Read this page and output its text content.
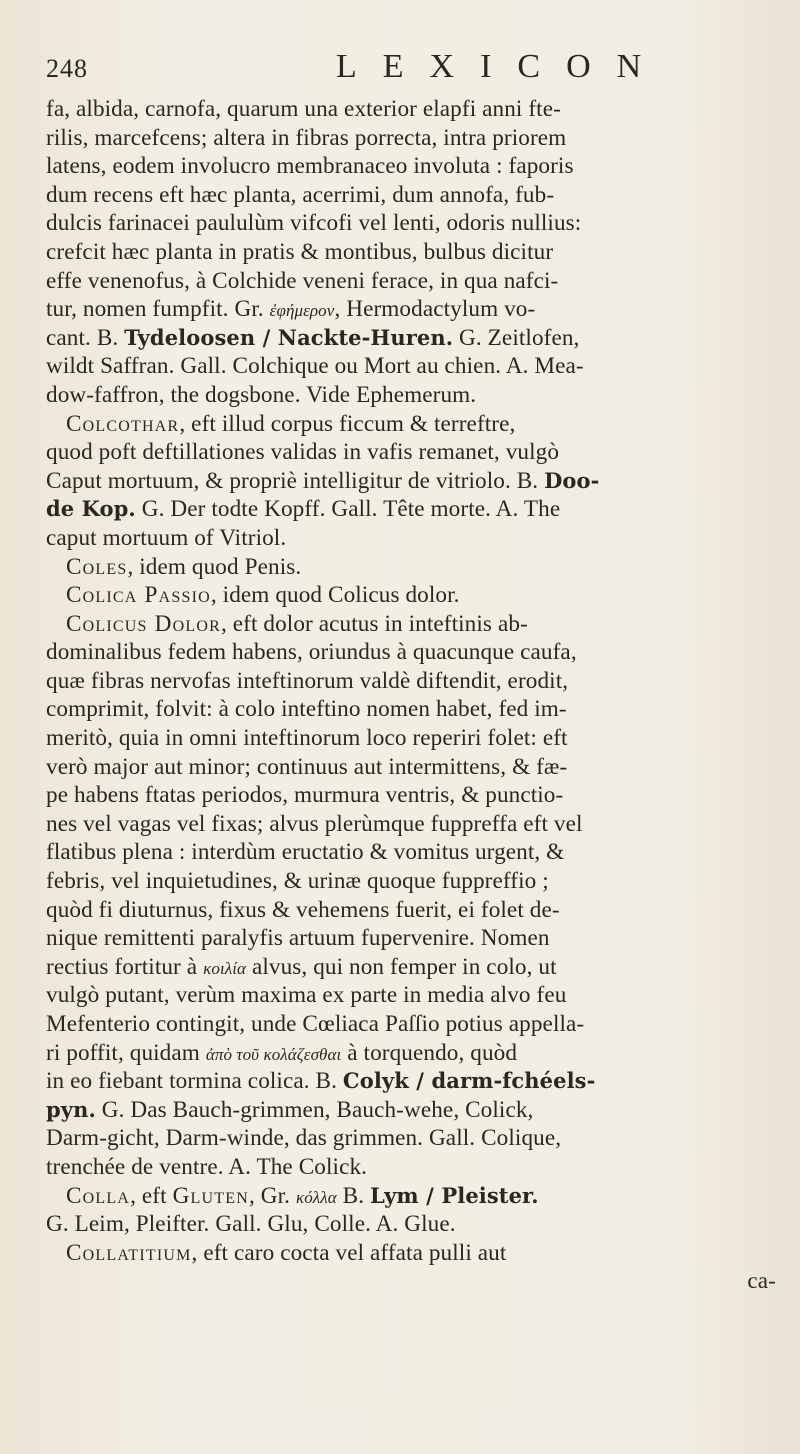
248	LEXICON
fa, albida, carnofa, quarum una exterior elapfi anni fte-
rilis, marcefcens; altera in fibras porrecta, intra priorem
latens, eodem involucro membranaceo involuta : faporis
dum recens eft hæc planta, acerrimi, dum annofa, fub-
dulcis farinacei paululùm vifcofi vel lenti, odoris nullius:
crefcit hæc planta in pratis & montibus, bulbus dicitur
effe venenofus, à Colchide veneni ferace, in qua nafci-
tur, nomen fumpfit. Gr. ἐφήμερον, Hermodactylum vo-
cant. B. Tydeloosen / Nackte-Huren. G. Zeitlofen,
wildt Saffran. Gall. Colchique ou Mort au chien. A. Mea-
dow-faffron, the dogsbone. Vide Ephemerum.
Colcothar, eft illud corpus ficcum & terreftre,
quod poft deftillationes validas in vafis remanet, vulgò
Caput mortuum, & propriè intelligitur de vitriolo. B. Doo-
de Kop. G. Der todte Kopff. Gall. Tête morte. A. The
caput mortuum of Vitriol.
Coles, idem quod Penis.
Colica Passio, idem quod Colicus dolor.
Colicus Dolor, eft dolor acutus in inteftinis ab-
dominalibus fedem habens, oriundus à quacunque caufa,
quæ fibras nervofas inteftinorum valdè diftendit, erodit,
comprimit, folvit: à colo inteftino nomen habet, fed im-
meritò, quia in omni inteftinorum loco reperiri folet: eft
verò major aut minor; continuus aut intermittens, & fæ-
pe habens ftatas periodos, murmura ventris, & punctio-
nes vel vagas vel fixas; alvus plerùmque fuppreffa eft vel
flatibus plena : interdùm eructatio & vomitus urgent, &
febris, vel inquietudines, & urinæ quoque fuppreffio ;
quòd fi diuturnus, fixus & vehemens fuerit, ei folet de-
nique remittenti paralyfis artuum fupervenire. Nomen
rectius fortitur à κοιλία alvus, qui non femper in colo, ut
vulgò putant, verùm maxima ex parte in media alvo feu
Mefenterio contingit, unde Cœliaca Paſſio potius appella-
ri poffit, quidam ἀπὸ τοῦ κολάζεσθαι à torquendo, quòd
in eo fiebant tormina colica. B. Colyk / darm-fchéels-
pyn. G. Das Bauch-grimmen, Bauch-wehe, Colick,
Darm-gicht, Darm-winde, das grimmen. Gall. Colique,
trenchée de ventre. A. The Colick.
Colla, eft Gluten, Gr. κόλλα B. Lym / Pleister.
G. Leim, Pleifter. Gall. Glu, Colle. A. Glue.
Collatitium, eft caro cocta vel affata pulli aut
ca-
